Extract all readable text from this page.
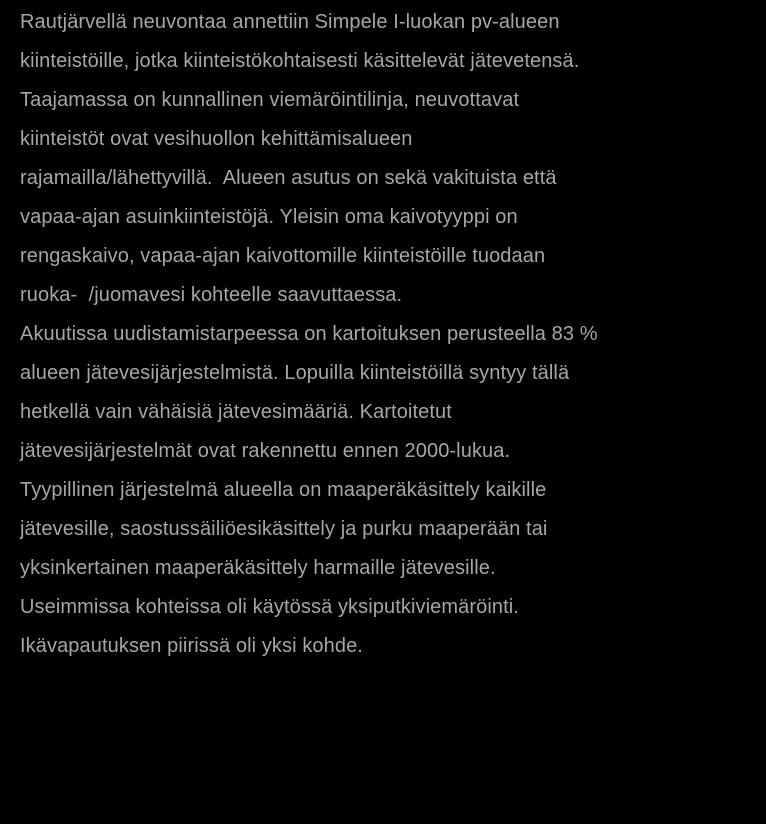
Rautjärvellä neuvontaa annettiin Simpele I-luokan pv-alueen
kiinteistöille, jotka kiinteistökohtaisesti käsittelevät jätevetensä.
Taajamassa on kunnallinen viemäröintilinja, neuvottavat
kiinteistöt ovat vesihuollon kehittämisalueen
rajamailla/lähettyvillä.  Alueen asutus on sekä vakituista että
vapaa-ajan asuinkiinteistöjä. Yleisin oma kaivotyyppi on
rengaskaivo, vapaa-ajan kaivottomille kiinteistöille tuodaan
ruoka-  /juomavesi kohteelle saavuttaessa.
Akuutissa uudistamistarpeessa on kartoituksen perusteella 83 %
alueen jätevesijärjestelmistä. Lopuilla kiinteistöillä syntyy tällä
hetkellä vain vähäisiä jätevesimääriä. Kartoitetut
jätevesijärjestelmät ovat rakennettu ennen 2000-lukua.
Tyypillinen järjestelmä alueella on maaperäkäsittely kaikille
jätevesille, saostussäiliöesikäsittely ja purku maaperään tai
yksinkertainen maaperäkäsittely harmaille jätevesille.
Useimmissa kohteissa oli käytössä yksiputkiviemäröinti.
Ikävapautuksen piirissä oli yksi kohde.
